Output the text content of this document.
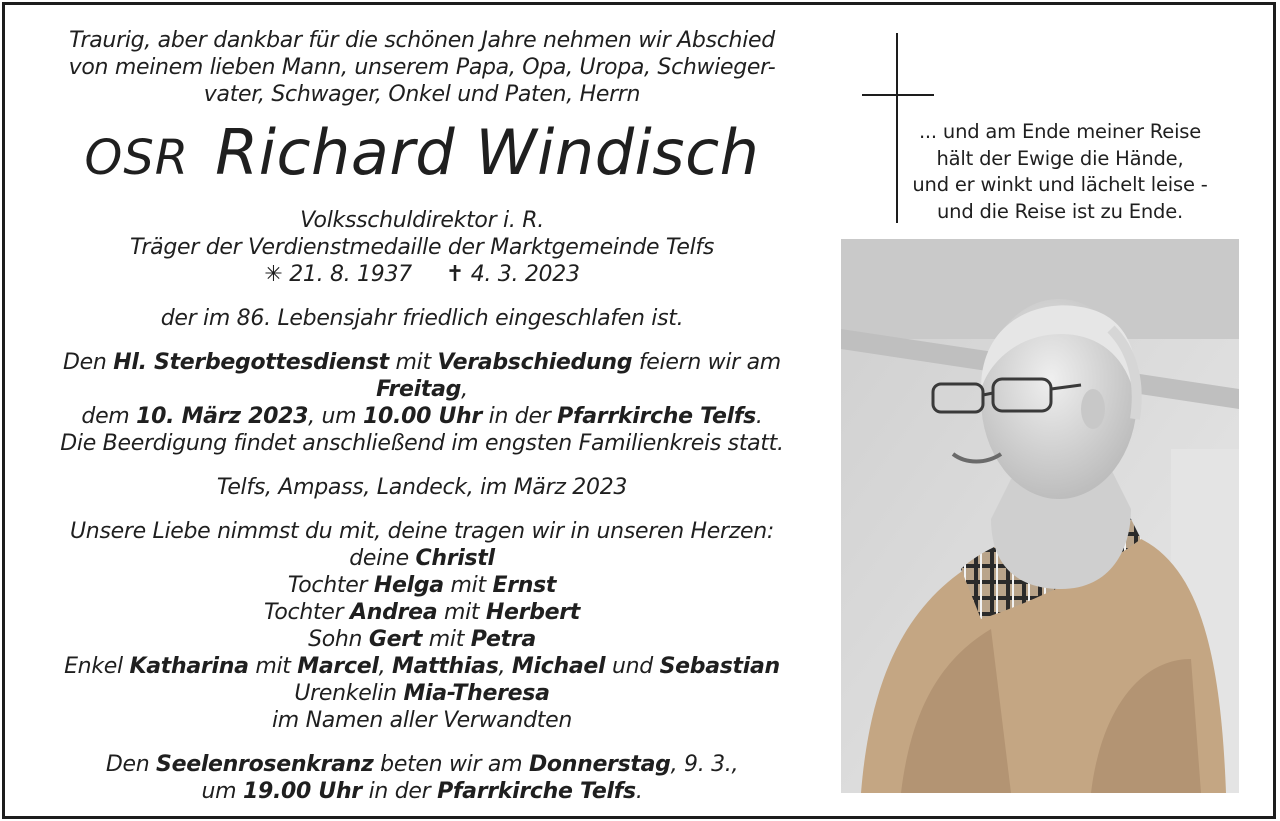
Traurig, aber dankbar für die schönen Jahre nehmen wir Abschied
von meinem lieben Mann, unserem Papa, Opa, Uropa, Schwieger-
vater, Schwager, Onkel und Paten, Herrn
OSR Richard Windisch
Volksschuldirektor i. R.
Träger der Verdienstmedaille der Marktgemeinde Telfs
✳ 21. 8. 1937 ✝ 4. 3. 2023
der im 86. Lebensjahr friedlich eingeschlafen ist.
Den Hl. Sterbegottesdienst mit Verabschiedung feiern wir am Freitag,
dem 10. März 2023, um 10.00 Uhr in der Pfarrkirche Telfs.
Die Beerdigung findet anschließend im engsten Familienkreis statt.
Telfs, Ampass, Landeck, im März 2023
Unsere Liebe nimmst du mit, deine tragen wir in unseren Herzen:
deine Christl
Tochter Helga mit Ernst
Tochter Andrea mit Herbert
Sohn Gert mit Petra
Enkel Katharina mit Marcel, Matthias, Michael und Sebastian
Urenkelin Mia-Theresa
im Namen aller Verwandten
Den Seelenrosenkranz beten wir am Donnerstag, 9. 3.,
um 19.00 Uhr in der Pfarrkirche Telfs.
... und am Ende meiner Reise
hält der Ewige die Hände,
und er winkt und lächelt leise -
und die Reise ist zu Ende.
